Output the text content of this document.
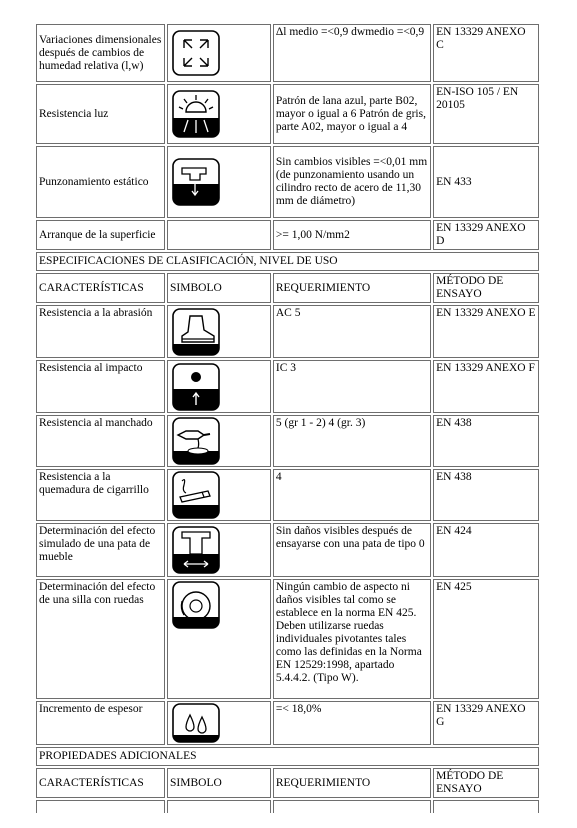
Variaciones dimensionales después de cambios de humedad relativa (l,w)		Δl medio =<0,9 dwmedio =<0,9	EN 13329 ANEXO C
Resistencia luz		Patrón de lana azul, parte B02, mayor o igual a 6 Patrón de gris, parte A02, mayor o igual a 4	EN-ISO 105 / EN 20105
Punzonamiento estático		Sin cambios visibles =<0,01 mm (de punzonamiento usando un cilindro recto de acero de 11,30 mm de diámetro)	EN 433
Arranque de la superficie		>= 1,00 N/mm2	EN 13329 ANEXO D
ESPECIFICACIONES DE CLASIFICACIÓN, NIVEL DE USO			
CARACTERÍSTICAS	SIMBOLO	REQUERIMIENTO	MÉTODO DE ENSAYO
Resistencia a la abrasión		AC 5	EN 13329 ANEXO E
Resistencia al impacto		IC 3	EN 13329 ANEXO F
Resistencia al manchado		5 (gr 1 - 2) 4 (gr. 3)	EN 438
Resistencia a la quemadura de cigarrillo		4	EN 438
Determinación del efecto simulado de una pata de mueble		Sin daños visibles después de ensayarse con una pata de tipo 0	EN 424
Determinación del efecto de una silla con ruedas		Ningún cambio de aspecto ni daños visibles tal como se establece en la norma EN 425. Deben utilizarse ruedas individuales pivotantes tales como las definidas en la Norma EN 12529:1998, apartado 5.4.4.2. (Tipo W).	EN 425
Incremento de espesor		=< 18,0%	EN 13329 ANEXO G
PROPIEDADES ADICIONALES			
CARACTERÍSTICAS	SIMBOLO	REQUERIMIENTO	MÉTODO DE ENSAYO
